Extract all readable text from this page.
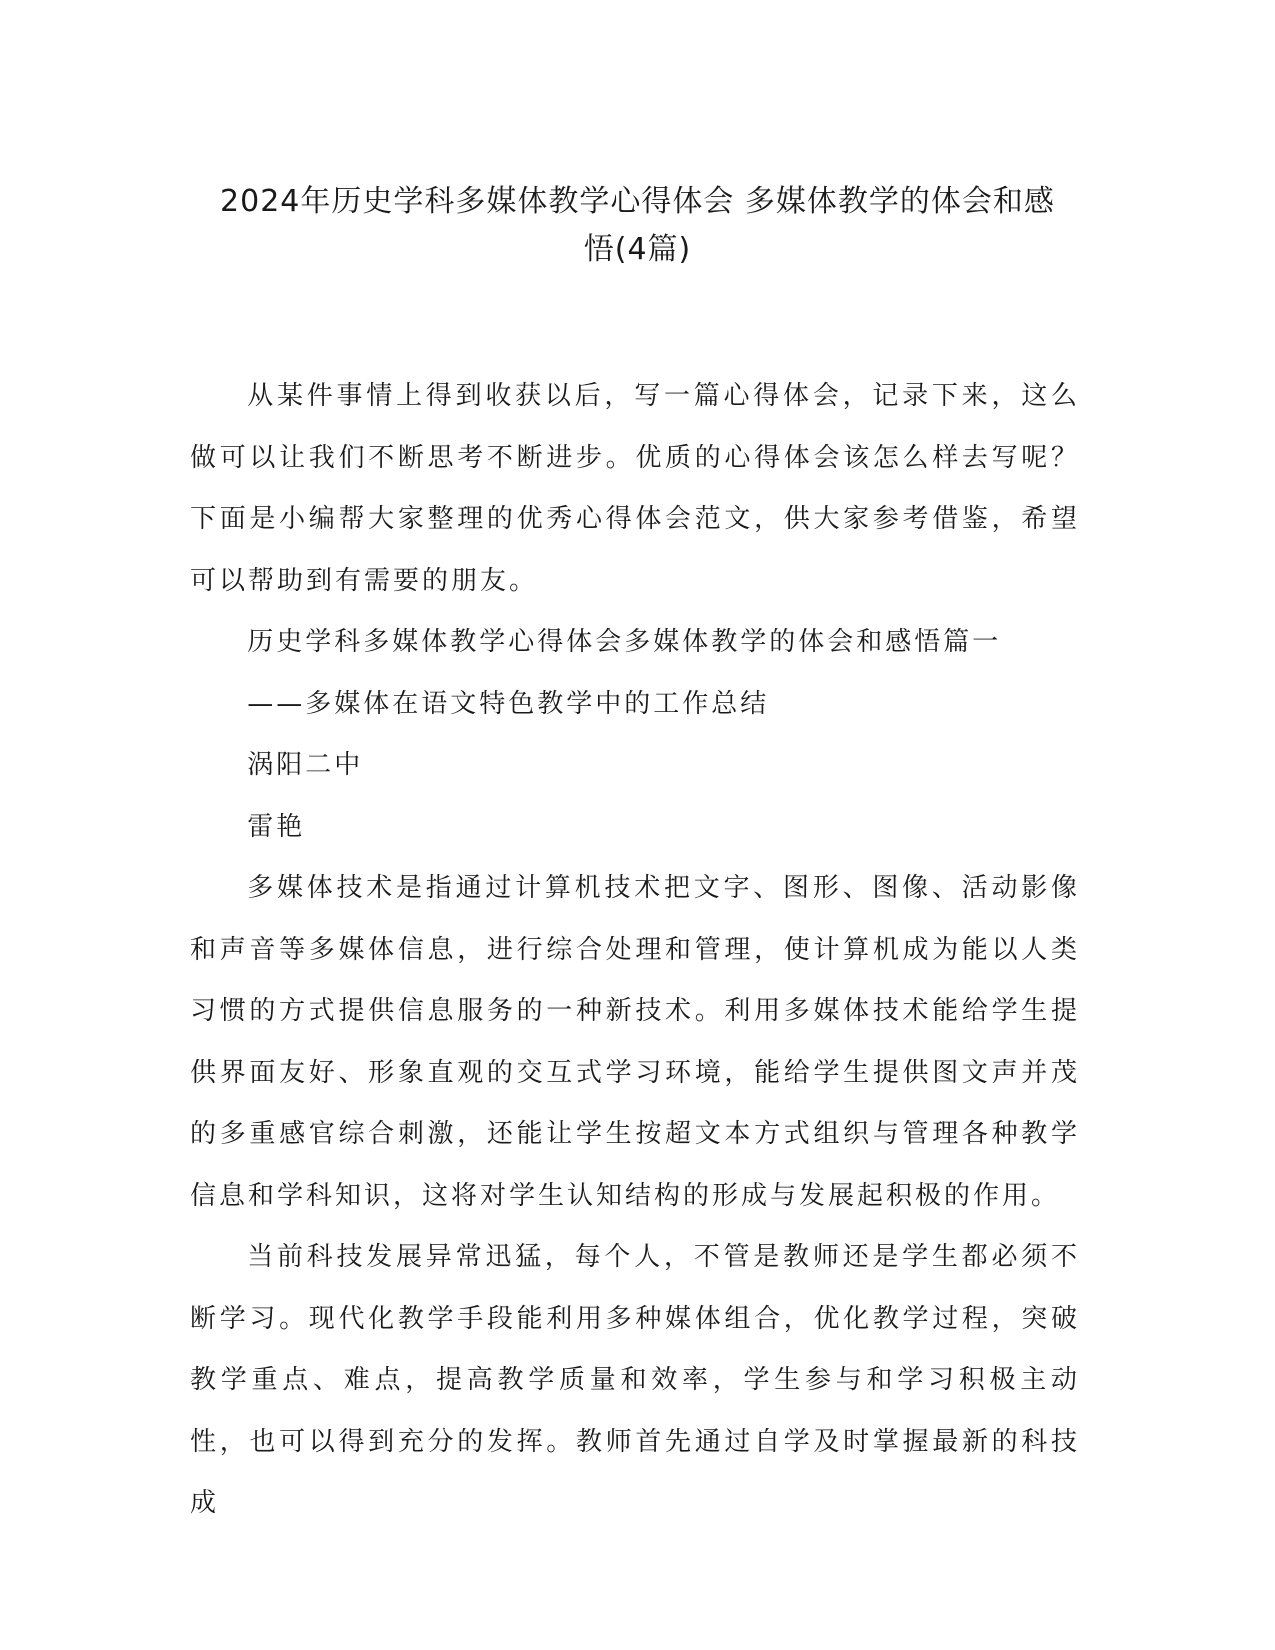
2024年历史学科多媒体教学心得体会 多媒体教学的体会和感
悟(4篇)

从某件事情上得到收获以后，写一篇心得体会，记录下来，这么做可以让我们不断思考不断进步。优质的心得体会该怎么样去写呢？下面是小编帮大家整理的优秀心得体会范文，供大家参考借鉴，希望可以帮助到有需要的朋友。

历史学科多媒体教学心得体会多媒体教学的体会和感悟篇一

——多媒体在语文特色教学中的工作总结

涡阳二中

雷艳

多媒体技术是指通过计算机技术把文字、图形、图像、活动影像和声音等多媒体信息，进行综合处理和管理，使计算机成为能以人类习惯的方式提供信息服务的一种新技术。利用多媒体技术能给学生提供界面友好、形象直观的交互式学习环境，能给学生提供图文声并茂的多重感官综合刺激，还能让学生按超文本方式组织与管理各种教学信息和学科知识，这将对学生认知结构的形成与发展起积极的作用。

当前科技发展异常迅猛，每个人，不管是教师还是学生都必须不断学习。现代化教学手段能利用多种媒体组合，优化教学过程，突破教学重点、难点，提高教学质量和效率，学生参与和学习积极主动性，也可以得到充分的发挥。教师首先通过自学及时掌握最新的科技成
